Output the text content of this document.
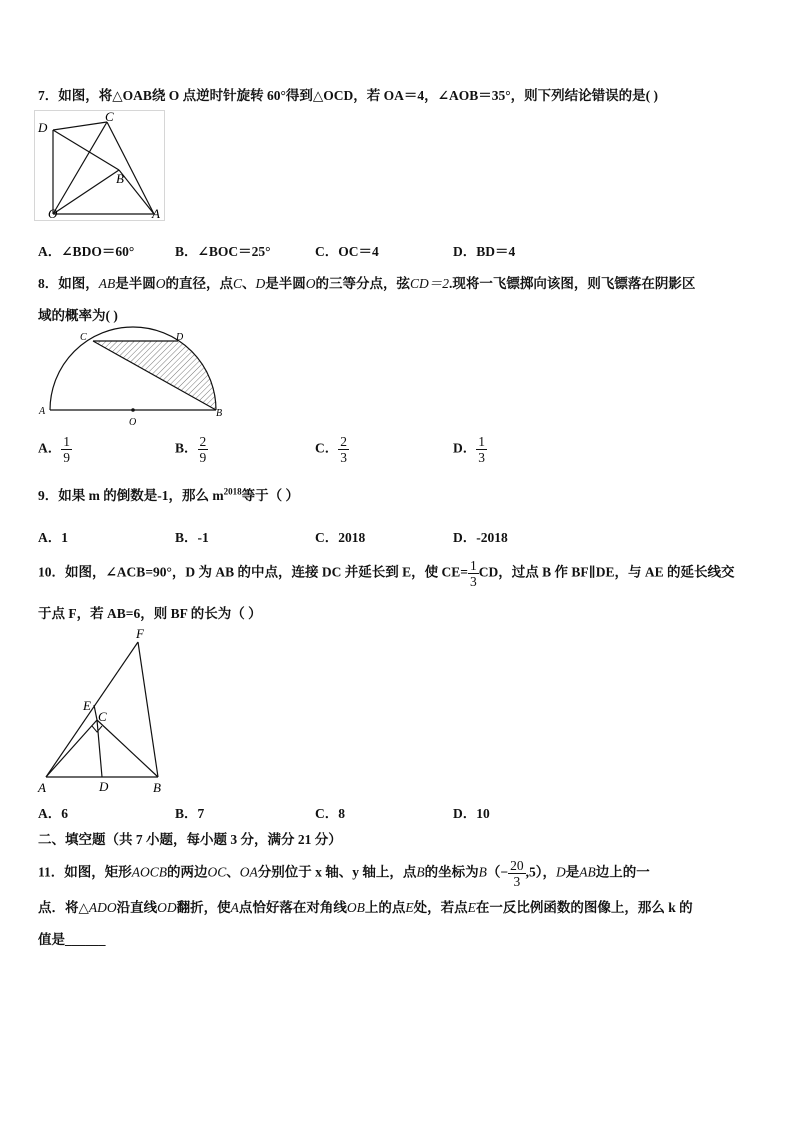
7．如图，将△OAB绕 O 点逆时针旋转 60°得到△OCD，若 OA＝4，∠AOB＝35°，则下列结论错误的是( )
D
C
B
O	A
A．∠BDO＝60°	B．∠BOC＝25°	C．OC＝4	D．BD＝4
8．如图，AB是半圆O的直径，点C、D是半圆O的三等分点，弦CD＝2.现将一飞镖掷向该图，则飞镖落在阴影区
域的概率为( )
C	D
A
O
B
A． $\frac{1}{9}$	B． $\frac{2}{9}$	C． $\frac{2}{3}$	D． $\frac{1}{3}$
9．如果 m 的倒数是-1，那么 $m^{2018}$等于（ ）
A．1	B．-1	C．2018	D．-2018
10．如图，∠ACB=90°，D 为 AB 的中点，连接 DC 并延长到 E，使 $CE= \frac{1}{3}$ CD，过点 B 作 BF∥DE，与 AE 的延长线交
于点 F，若 AB=6，则 BF 的长为（ ）
F
E
C
A	D	B
A．6	B．7	C．8	D．10
二、填空题（共 7 小题，每小题 3 分，满分 21 分）
11．如图，矩形AOCB的两边OC、OA分别位于 x 轴、y 轴上，点B的坐标为$B(- \frac{20}{3} ,5)$，D是AB边上的一
点．将△ADO沿直线OD翻折，使A点恰好落在对角线OB上的点E处，若点E在一反比例函数的图像上，那么 k 的
值是______
